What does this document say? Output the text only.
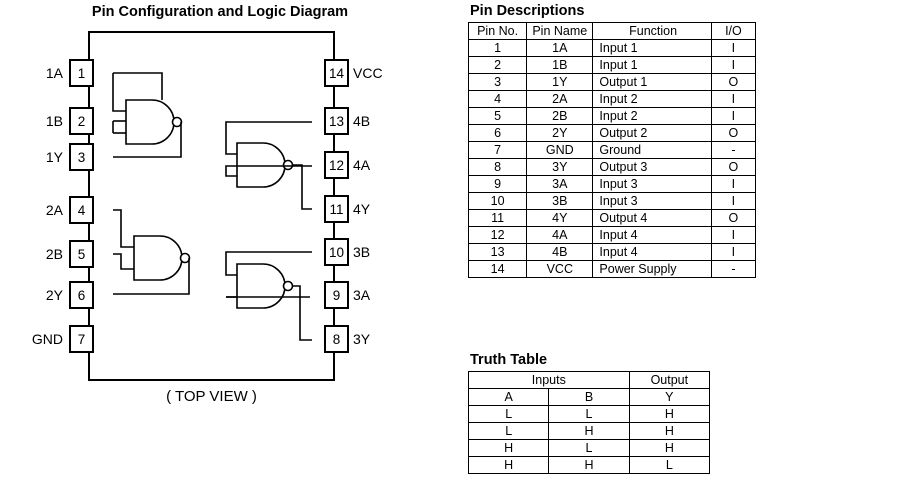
Pin Configuration and Logic Diagram
1
2
3
4
5
6
7
1A
1B
1Y
2A
2B
2Y
GND
14
13
12
11
10
9
8
VCC
4B
4A
4Y
3B
3A
3Y
( TOP VIEW )
Pin Descriptions
Pin No.	Pin Name	Function	I/O
1	1A	Input 1	I
2	1B	Input 1	I
3	1Y	Output 1	O
4	2A	Input 2	I
5	2B	Input 2	I
6	2Y	Output 2	O
7	GND	Ground	-
8	3Y	Output 3	O
9	3A	Input 3	I
10	3B	Input 3	I
11	4Y	Output 4	O
12	4A	Input 4	I
13	4B	Input 4	I
14	VCC	Power Supply	-
Truth Table
Inputs		Output
A	B	Y
L	L	H
L	H	H
H	L	H
H	H	L
